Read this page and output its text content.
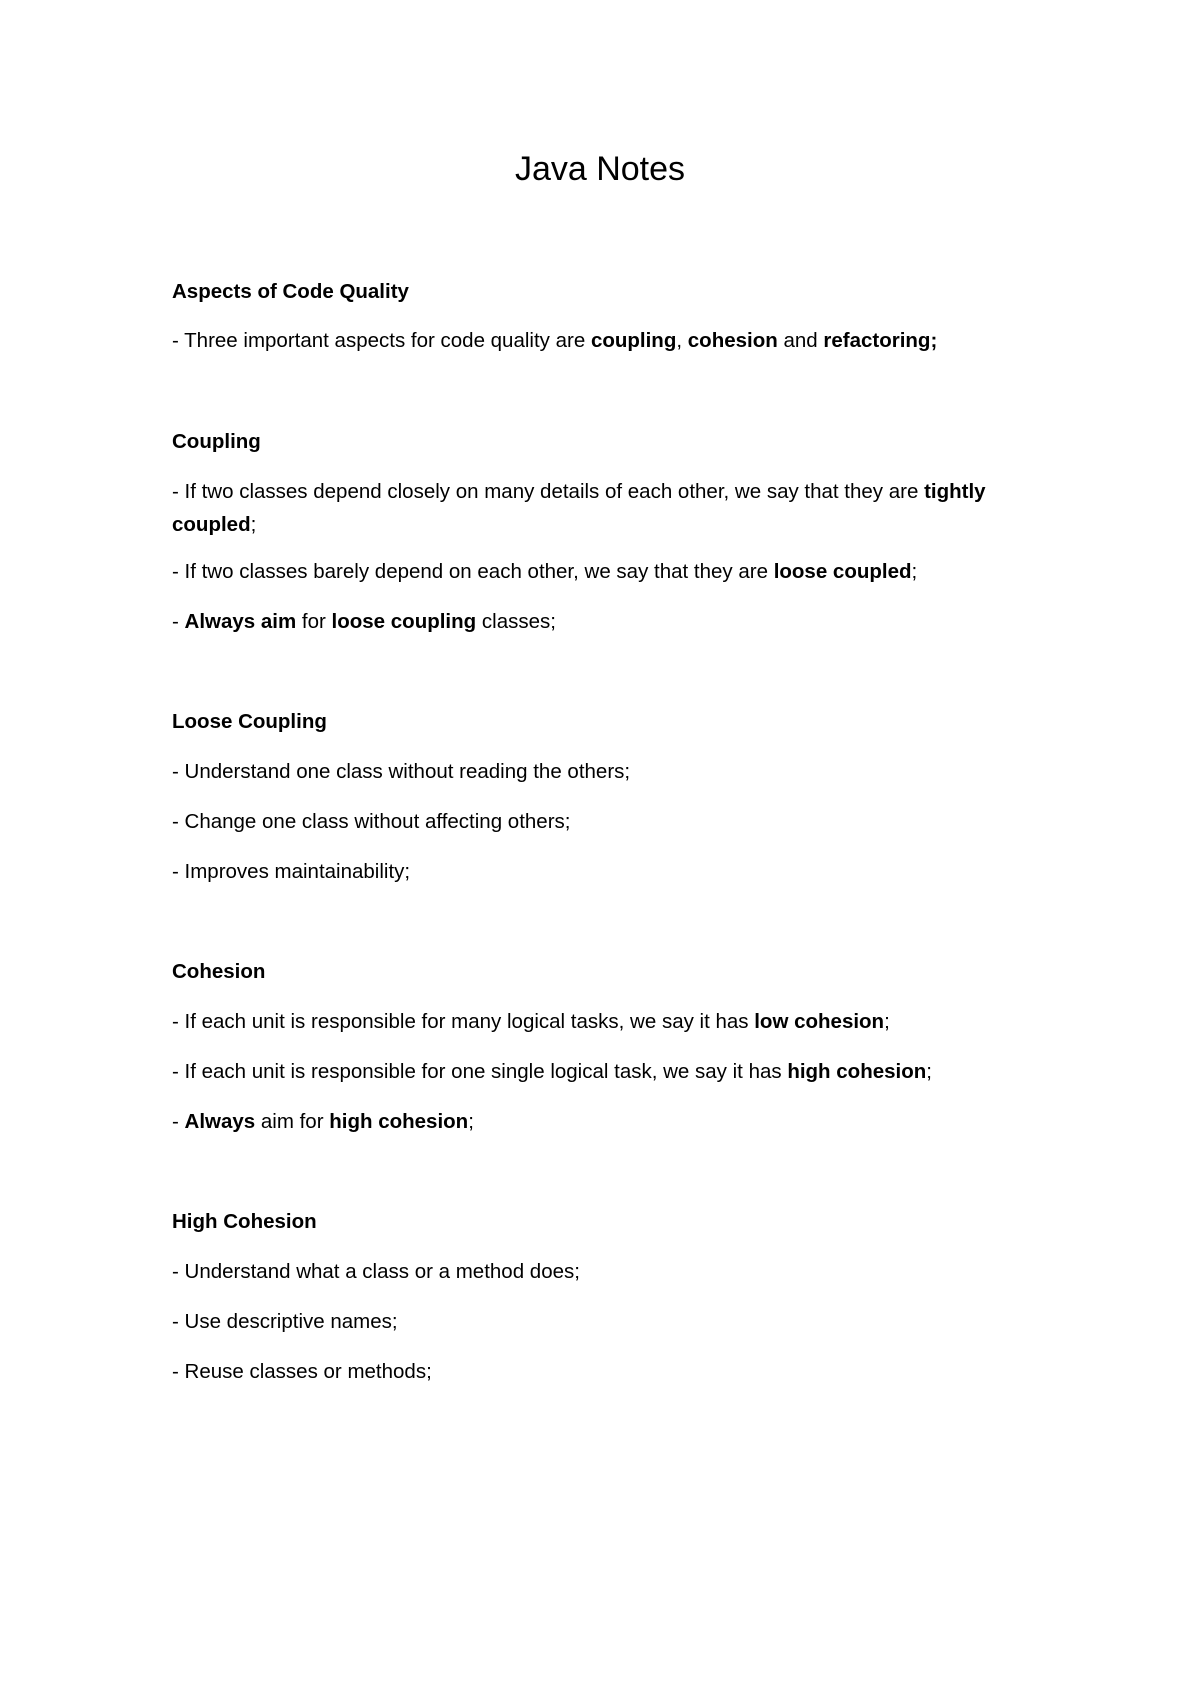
Java Notes
Aspects of Code Quality

- Three important aspects for code quality are coupling, cohesion and refactoring;

Coupling

- If two classes depend closely on many details of each other, we say that they are tightly coupled;

- If two classes barely depend on each other, we say that they are loose coupled;

- Always aim for loose coupling classes;

Loose Coupling

- Understand one class without reading the others;

- Change one class without affecting others;

- Improves maintainability;

Cohesion

- If each unit is responsible for many logical tasks, we say it has low cohesion;

- If each unit is responsible for one single logical task, we say it has high cohesion;

- Always aim for high cohesion;

High Cohesion

- Understand what a class or a method does;

- Use descriptive names;

- Reuse classes or methods;
